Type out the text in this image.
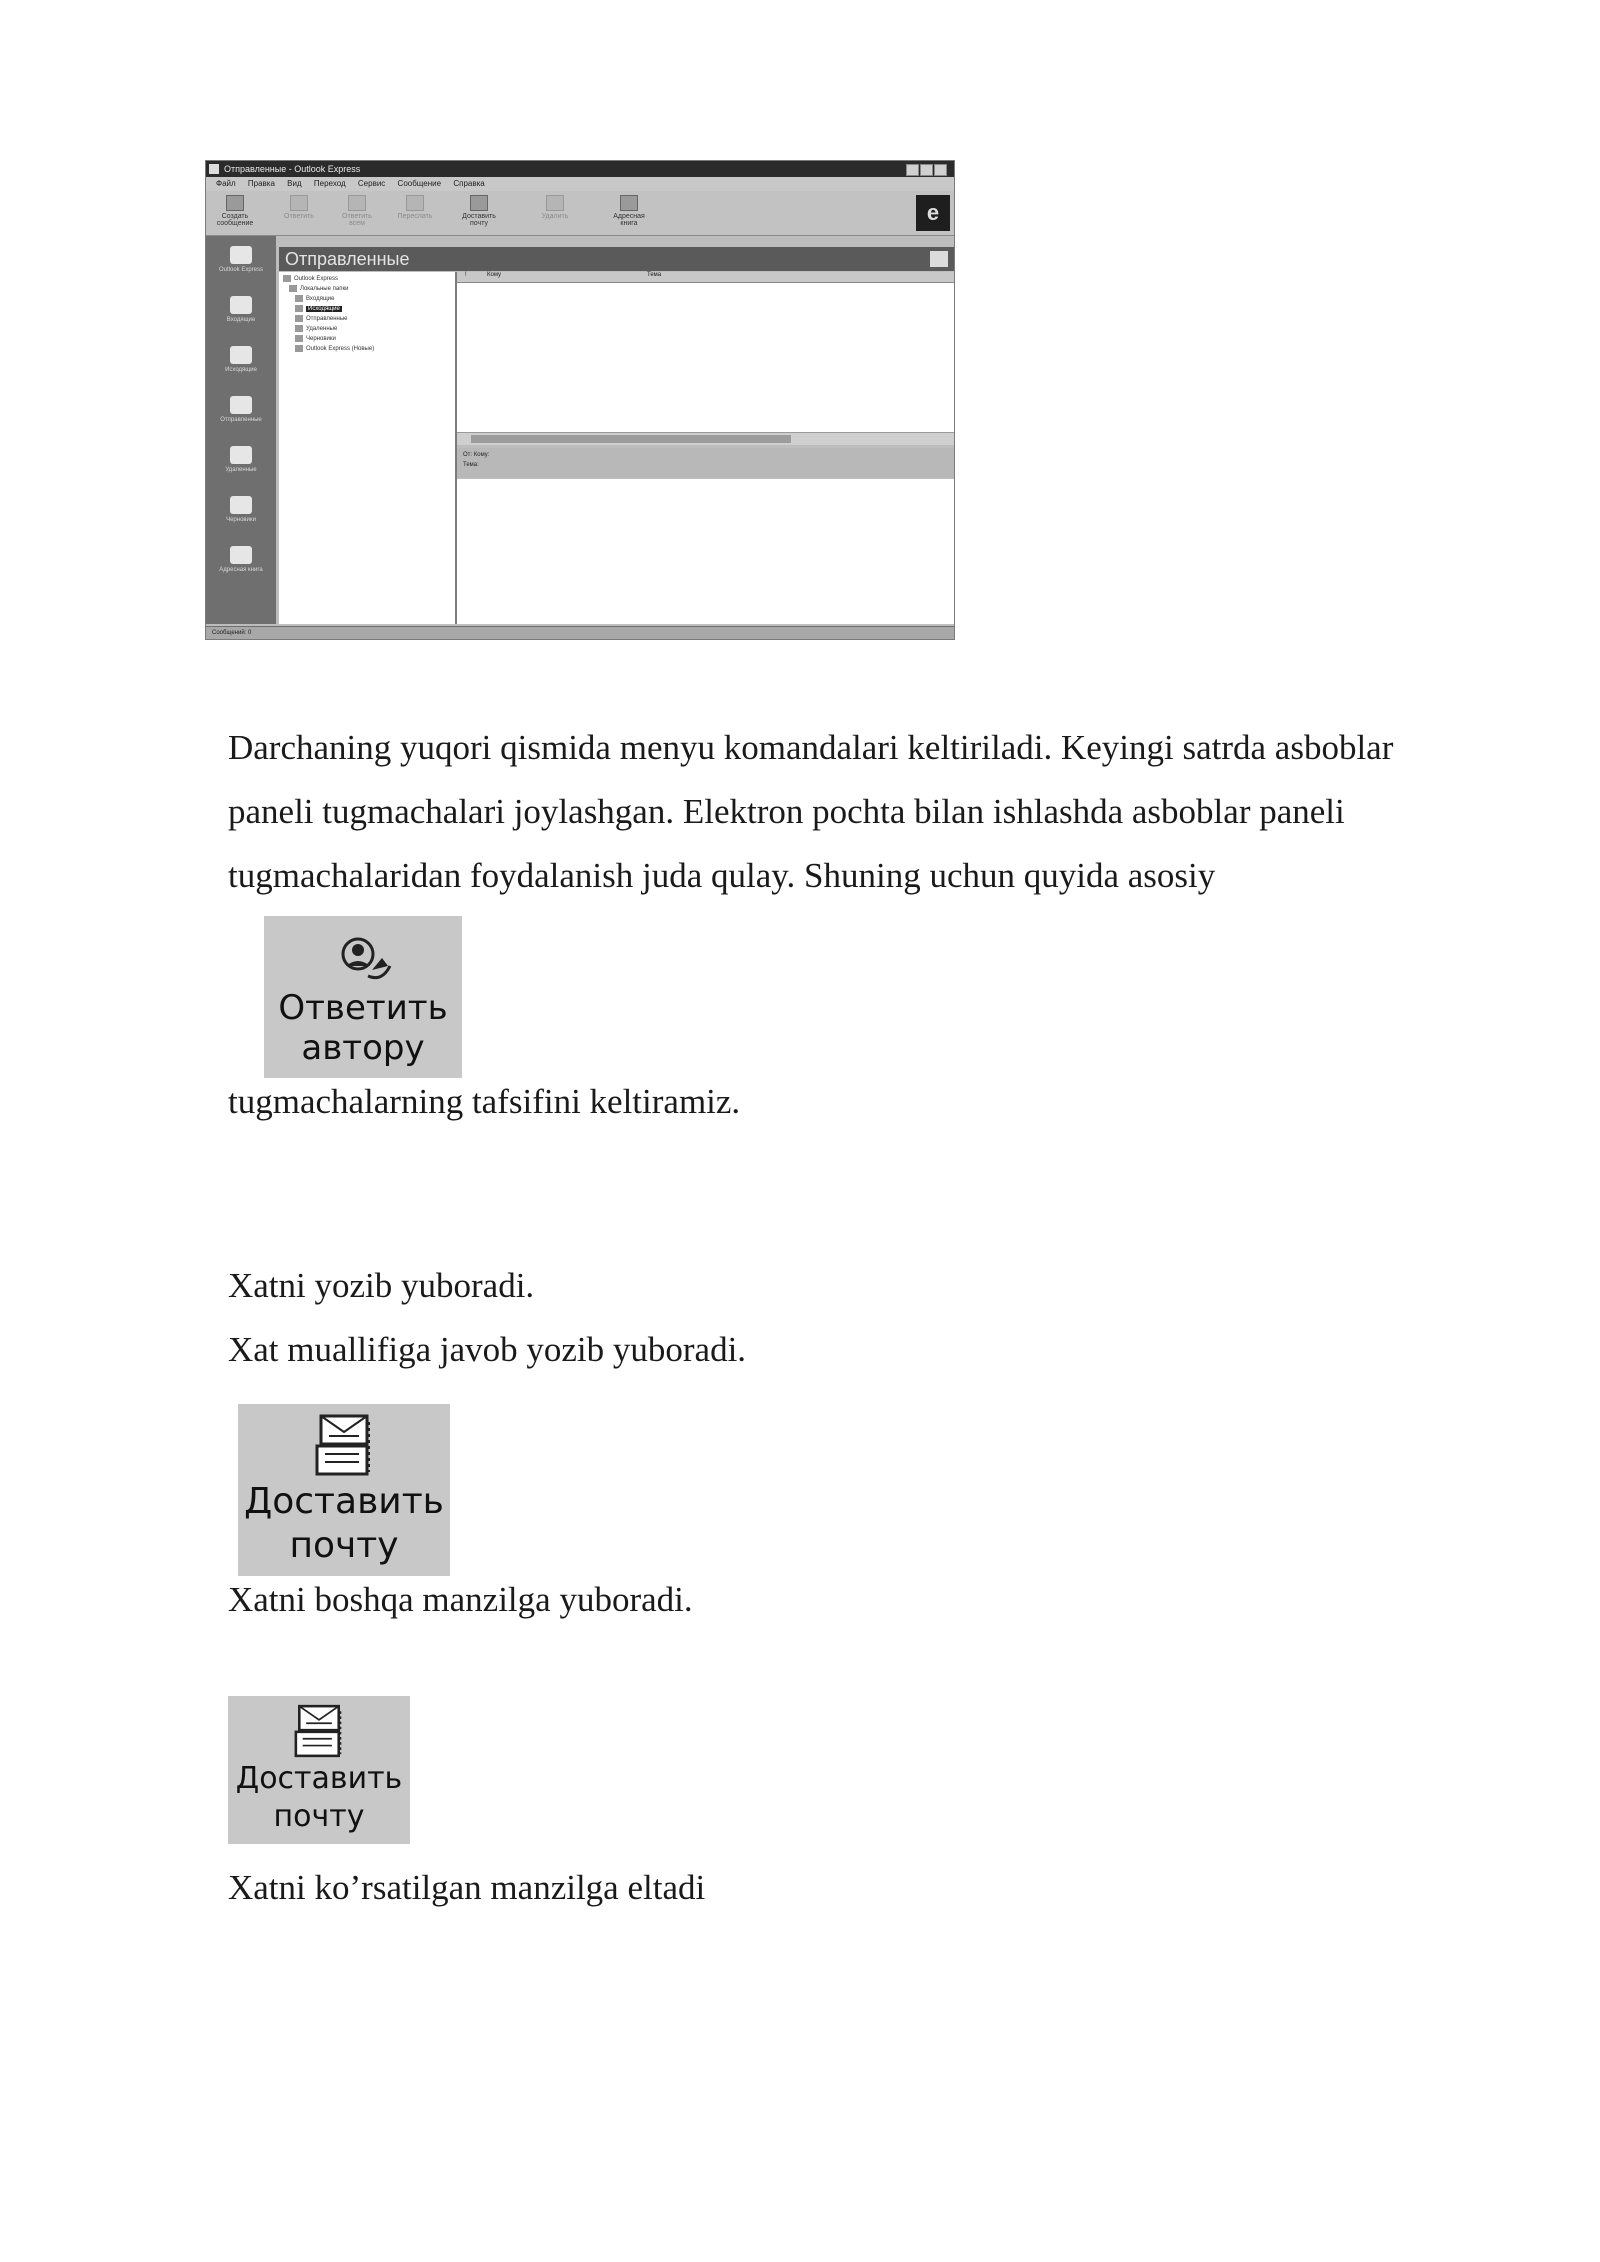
Отправленные - Outlook Express
Файл Правка Вид Переход Сервис Сообщение Справка
Создать сообщение
Ответить	Ответить всем
Переслать	Доставить почту
Удалить	Адресная книга	e
Outlook Express
Входящие
Исходящие
Отправленные
Удаленные
Черновики
Адресная книга
Отправленные
Outlook Express
Локальные папки
Входящие
Исходящие
Отправленные
Удаленные
Черновики
Outlook Express (Новые)
!	Кому	Тема
От: Кому:
Тема:
Сообщений: 0
Darchaning yuqori qismida menyu komandalari keltiriladi. Keyingi satrda asboblar
paneli tugmachalari joylashgan. Elektron pochta bilan ishlashda asboblar paneli
tugmachalaridan foydalanish juda qulay. Shuning uchun quyida asosiy
Ответить
автору
tugmachalarning tafsifini keltiramiz.
Xatni yozib yuboradi.
Xat muallifiga javob yozib yuboradi.
Доставить
почту
Xatni boshqa manzilga yuboradi.
Доставить
почту
Xatni ko’rsatilgan manzilga eltadi
